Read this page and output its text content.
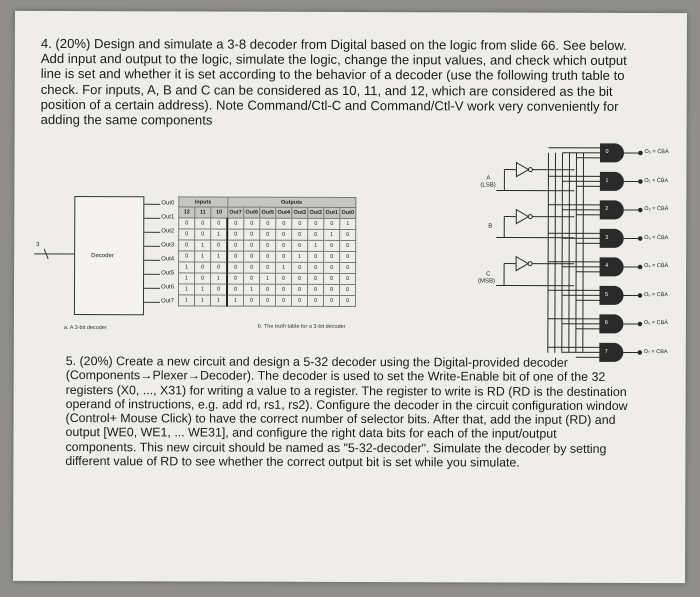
4. (20%) Design and simulate a 3-8 decoder from Digital based on the logic from slide 66. See below. Add input and output to the logic, simulate the logic, change the input values, and check which output line is set and whether it is set according to the behavior of a decoder (use the following truth table to check. For inputs, A, B and C can be considered as 10, 11, and 12, which are considered as the bit position of a certain address). Note Command/Ctl-C and Command/Ctl-V work very conveniently for adding the same components
3
Decoder
Out0
Out1
Out2
Out3
Out4
Out5
Out6
Out7
a. A 3-bit decoder
Inputs			Outputs							
12	11	10	Out7	Out6	Out5	Out4	Out3	Out2	Out1	Out0
0	0	0	0	0	0	0	0	0	0	1
0	0	1	0	0	0	0	0	0	1	0
0	1	0	0	0	0	0	0	1	0	0
0	1	1	0	0	0	0	1	0	0	0
1	0	0	0	0	0	1	0	0	0	0
1	0	1	0	0	1	0	0	0	0	0
1	1	0	0	1	0	0	0	0	0	0
1	1	1	1	0	0	0	0	0	0	0
b. The truth table for a 3-bit decoder
A
(LSB)
B
C
(MSB)
0	O₀ = C̄B̄Ā
1	O₁ = C̄B̄A
2	O₂ = C̄BĀ
3	O₃ = C̄BA
4	O₄ = CB̄Ā
5	O₅ = CB̄A
6	O₆ = CBĀ
7	O₇ = CBA
5. (20%) Create a new circuit and design a 5-32 decoder using the Digital-provided decoder (Components→Plexer→Decoder). The decoder is used to set the Write-Enable bit of one of the 32 registers (X0, ..., X31) for writing a value to a register. The register to write is RD (RD is the destination operand of instructions, e.g. add rd, rs1, rs2). Configure the decoder in the circuit configuration window (Control+ Mouse Click) to have the correct number of selector bits. After that, add the input (RD) and output [WE0, WE1, ... WE31], and configure the right data bits for each of the input/output components. This new circuit should be named as "5-32-decoder". Simulate the decoder by setting different value of RD to see whether the correct output bit is set while you simulate.
